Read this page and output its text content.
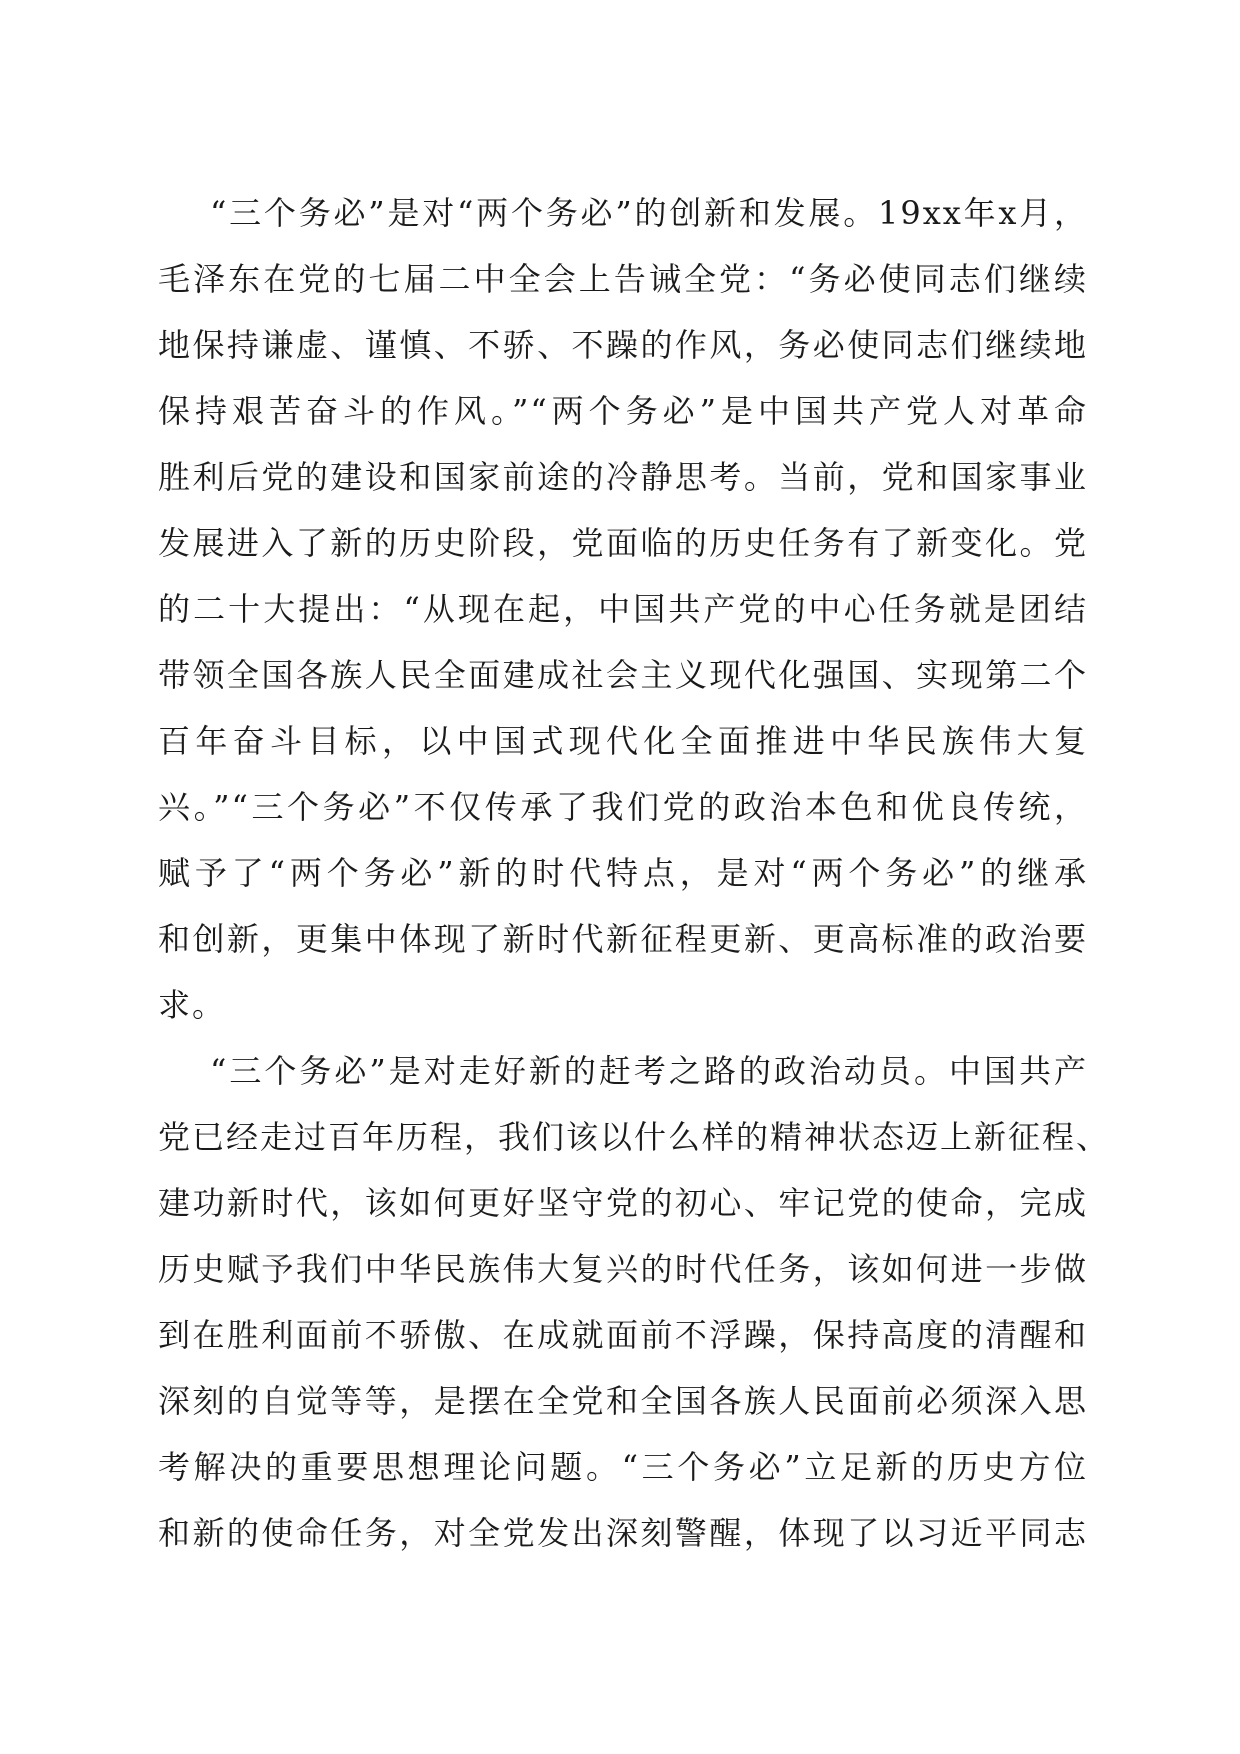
“三个务必”是对“两个务必”的创新和发展。19xx年x月，
毛泽东在党的七届二中全会上告诫全党：“务必使同志们继续
地保持谦虚、谨慎、不骄、不躁的作风，务必使同志们继续地
保持艰苦奋斗的作风。”“两个务必”是中国共产党人对革命
胜利后党的建设和国家前途的冷静思考。当前，党和国家事业
发展进入了新的历史阶段，党面临的历史任务有了新变化。党
的二十大提出：“从现在起，中国共产党的中心任务就是团结
带领全国各族人民全面建成社会主义现代化强国、实现第二个
百年奋斗目标，以中国式现代化全面推进中华民族伟大复
兴。”“三个务必”不仅传承了我们党的政治本色和优良传统，
赋予了“两个务必”新的时代特点，是对“两个务必”的继承
和创新，更集中体现了新时代新征程更新、更高标准的政治要
求。
“三个务必”是对走好新的赶考之路的政治动员。中国共产
党已经走过百年历程，我们该以什么样的精神状态迈上新征程、
建功新时代，该如何更好坚守党的初心、牢记党的使命，完成
历史赋予我们中华民族伟大复兴的时代任务，该如何进一步做
到在胜利面前不骄傲、在成就面前不浮躁，保持高度的清醒和
深刻的自觉等等，是摆在全党和全国各族人民面前必须深入思
考解决的重要思想理论问题。“三个务必”立足新的历史方位
和新的使命任务，对全党发出深刻警醒，体现了以习近平同志
